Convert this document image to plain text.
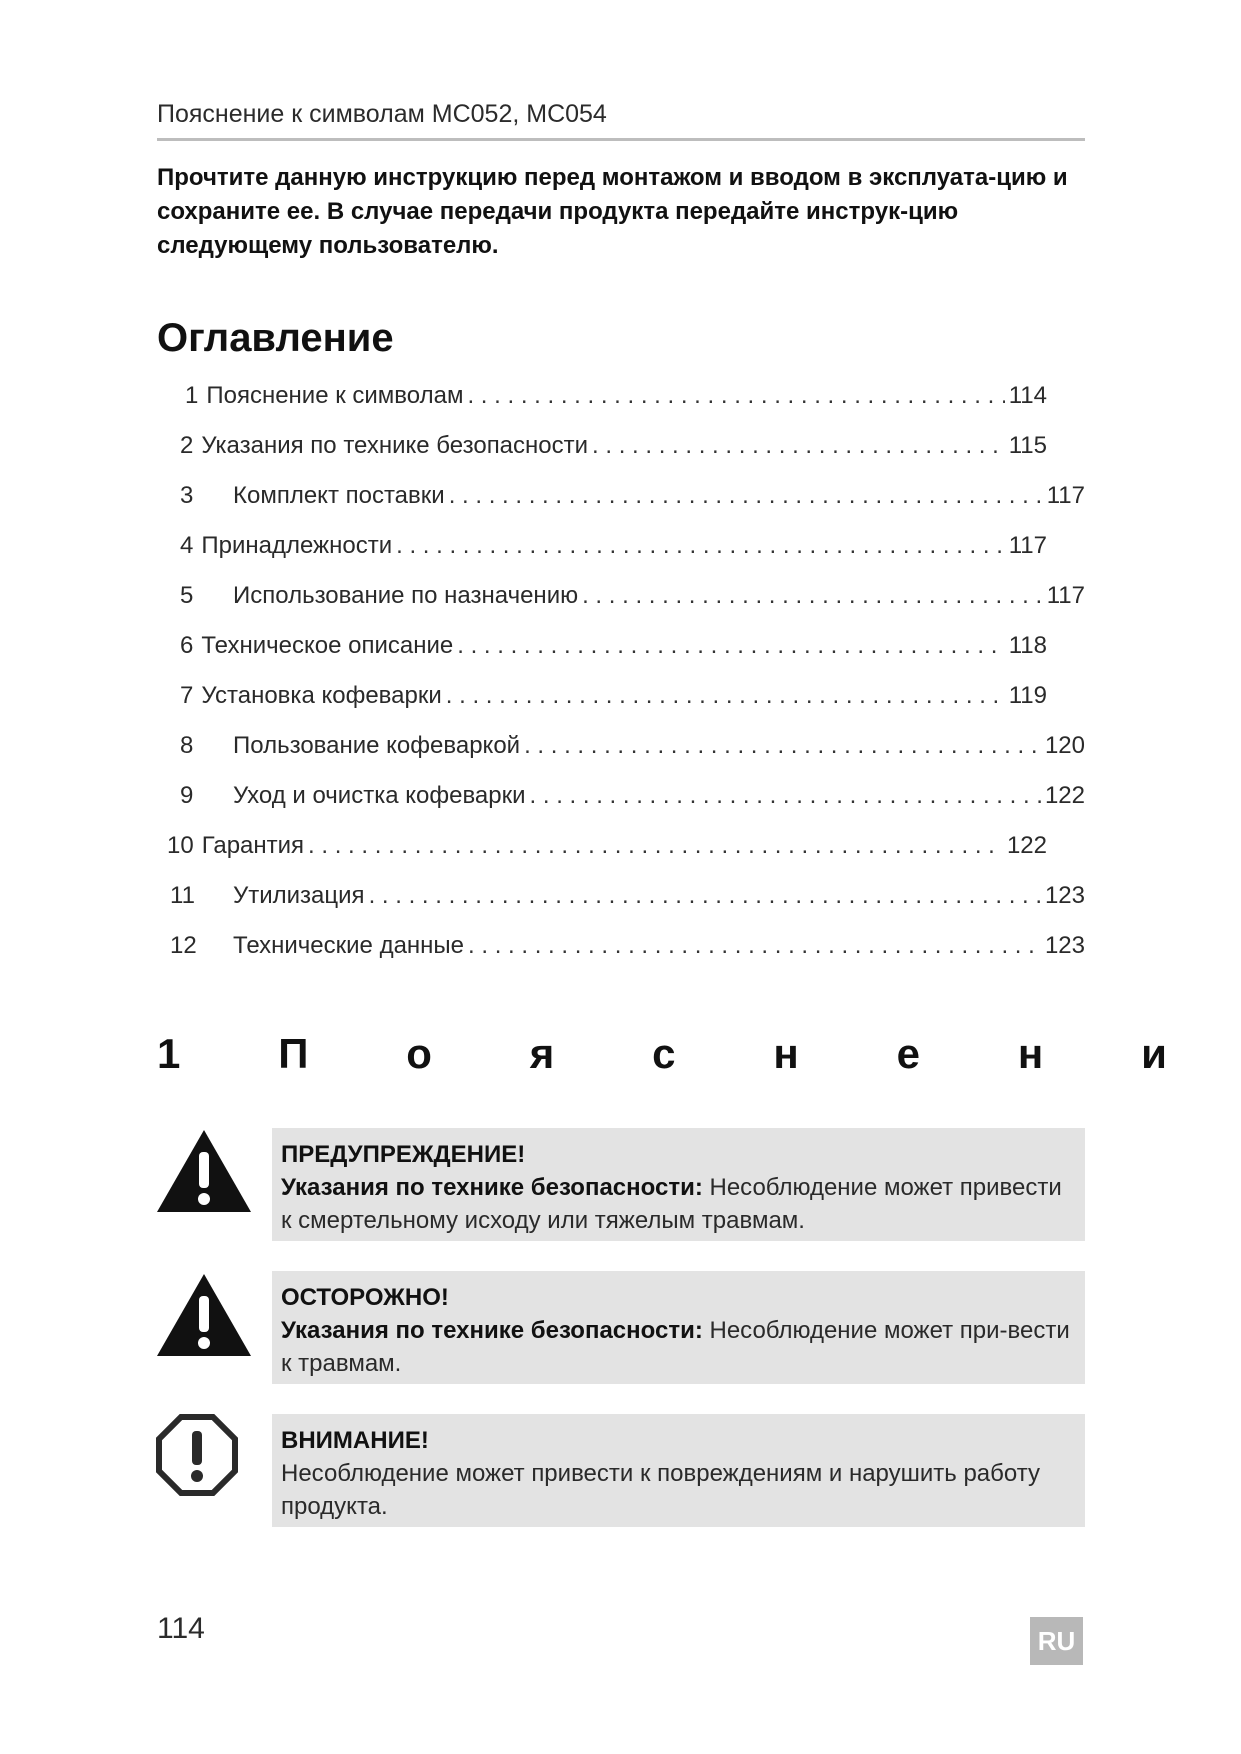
Пояснение к символам MC052, MC054
Прочтите данную инструкцию перед монтажом и вводом в эксплуата-цию и сохраните ее. В случае передачи продукта передайте инструк-цию следующему пользователю.
Оглавление
1 Пояснение к символам . . .	114
2 Указания по технике безопасности . . .	115
3	Комплект поставки . . .	117
4 Принадлежности . . .	117
5	Использование по назначению . . .	117
6 Техническое описание . . .	118
7 Установка кофеварки . . .	119
8	Пользование кофеваркой . . .	120
9	Уход и очистка кофеварки . . .	122
10 Гарантия . . .	122
11	Утилизация . . .	123
12	Технические данные . . .	123
1 П о я с н е н и
ПРЕДУПРЕЖДЕНИЕ!
Указания по технике безопасности: Несоблюдение может привести к смертельному исходу или тяжелым травмам.
ОСТОРОЖНО!
Указания по технике безопасности: Несоблюдение может при-вести к травмам.
ВНИМАНИЕ!
Несоблюдение может привести к повреждениям и нарушить работу продукта.
114	RU
